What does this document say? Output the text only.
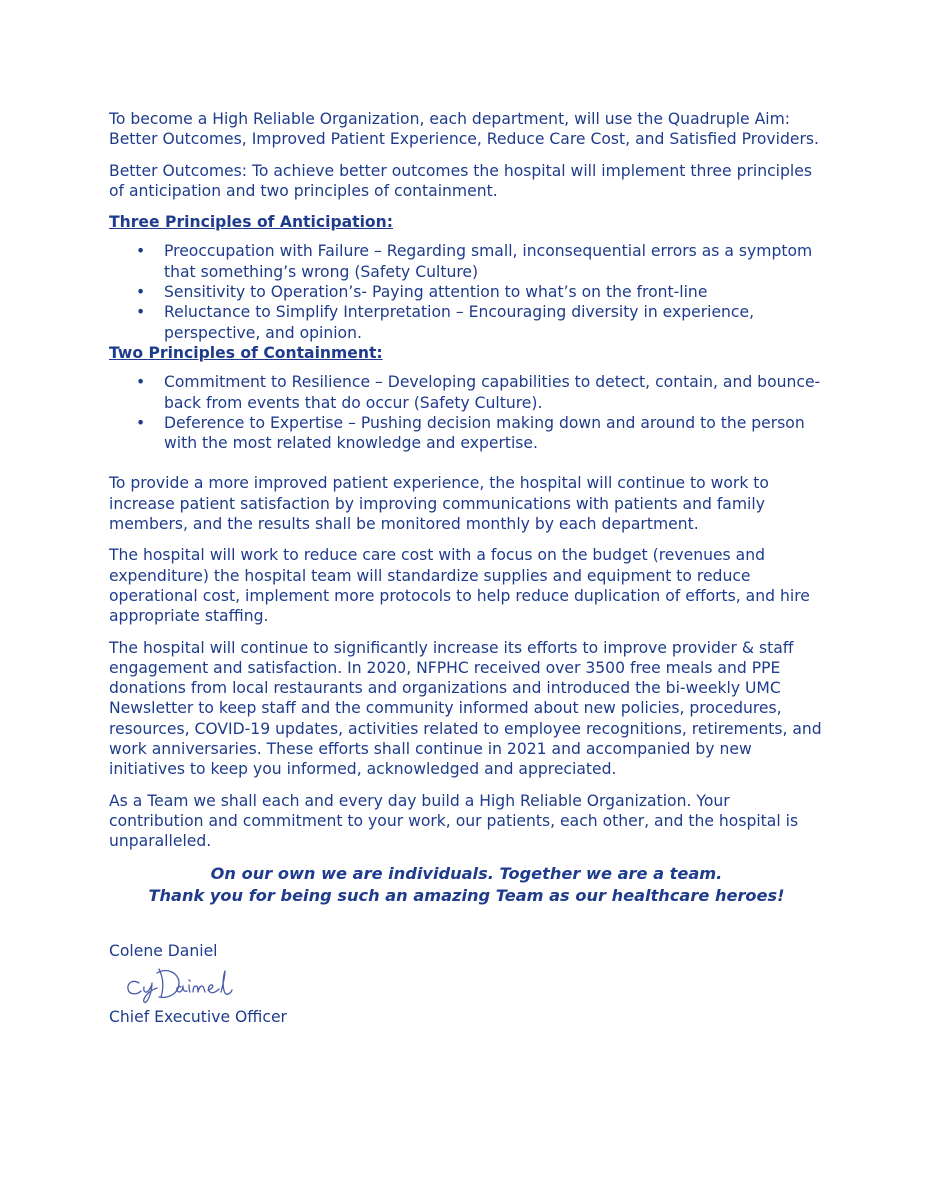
To become a High Reliable Organization, each department, will use the Quadruple Aim: Better Outcomes, Improved Patient Experience, Reduce Care Cost, and Satisfied Providers.

Better Outcomes: To achieve better outcomes the hospital will implement three principles of anticipation and two principles of containment.

Three Principles of Anticipation:

• Preoccupation with Failure – Regarding small, inconsequential errors as a symptom that something’s wrong (Safety Culture)
• Sensitivity to Operation’s- Paying attention to what’s on the front-line
• Reluctance to Simplify Interpretation – Encouraging diversity in experience, perspective, and opinion.

Two Principles of Containment:

• Commitment to Resilience – Developing capabilities to detect, contain, and bounce-back from events that do occur (Safety Culture).
• Deference to Expertise – Pushing decision making down and around to the person with the most related knowledge and expertise.

To provide a more improved patient experience, the hospital will continue to work to increase patient satisfaction by improving communications with patients and family members, and the results shall be monitored monthly by each department.

The hospital will work to reduce care cost with a focus on the budget (revenues and expenditure) the hospital team will standardize supplies and equipment to reduce operational cost, implement more protocols to help reduce duplication of efforts, and hire appropriate staffing.

The hospital will continue to significantly increase its efforts to improve provider & staff engagement and satisfaction. In 2020, NFPHC received over 3500 free meals and PPE donations from local restaurants and organizations and introduced the bi-weekly UMC Newsletter to keep staff and the community informed about new policies, procedures, resources, COVID-19 updates, activities related to employee recognitions, retirements, and work anniversaries. These efforts shall continue in 2021 and accompanied by new initiatives to keep you informed, acknowledged and appreciated.

As a Team we shall each and every day build a High Reliable Organization. Your contribution and commitment to your work, our patients, each other, and the hospital is unparalleled.

On our own we are individuals. Together we are a team.
Thank you for being such an amazing Team as our healthcare heroes!

Colene Daniel

Chief Executive Officer
